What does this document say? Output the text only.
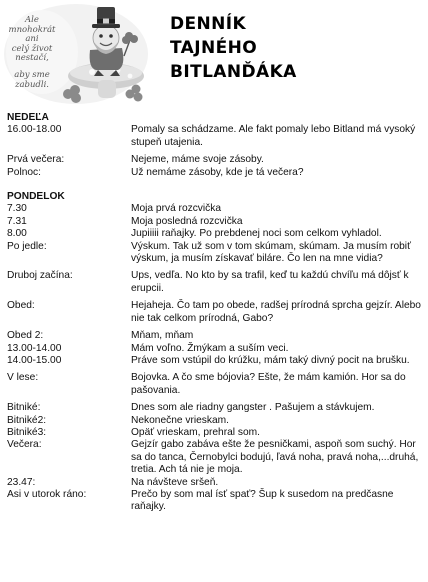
Ale
mnohokrát ani
celý život
nestačí,
aby sme
zabudli.
DENNÍK
TAJNÉHO
BITLANĎÁKA
NEDEĽA
16.00-18.00	Pomaly sa schádzame. Ale fakt pomaly lebo Bitland má vysoký stupeň utajenia.
Prvá večera:	Nejeme, máme svoje zásoby.
Polnoc:	Už nemáme zásoby, kde je tá večera?
PONDELOK
7.30	Moja prvá rozcvička
7.31	Moja posledná rozcvička
8.00	Jupiiiii raňajky. Po prebdenej noci som celkom vyhladol.
Po jedle:	Výskum. Tak už som v tom skúmam, skúmam. Ja musím robiť výskum, ja musím získavať biláre. Čo len na mne vidia?
Druboj začína:	Ups, vedľa. No kto by sa trafil, keď tu každú chvíľu má dôjsť k erupcii.
Obed:	Hejaheja. Čo tam po obede, radšej prírodná sprcha gejzír. Alebo nie tak celkom prírodná, Gabo?
Obed 2:	Mňam, mňam
13.00-14.00	Mám voľno. Žmýkam a suším veci.
14.00-15.00	Práve som vstúpil do krúžku, mám taký divný pocit na brušku.
V lese:	Bojovka. A čo sme bójovia? Ešte, že mám kamión. Hor sa do pašovania.
Bitniké:	Dnes som ale riadny gangster . Pašujem a stávkujem.
Bitniké2:	Nekonečne vrieskam.
Bitniké3:	Opäť vrieskam, prehral som.
Večera:	Gejzír gabo zabáva ešte že pesničkami, aspoň som suchý. Hor sa do tanca, Černobylci bodujú, ľavá noha, pravá noha,...druhá, tretia. Ach tá nie je moja.
23.47:	Na návšteve sršeň.
Asi v utorok ráno:	Prečo by som mal ísť spať? Šup k susedom na predčasne raňajky.
